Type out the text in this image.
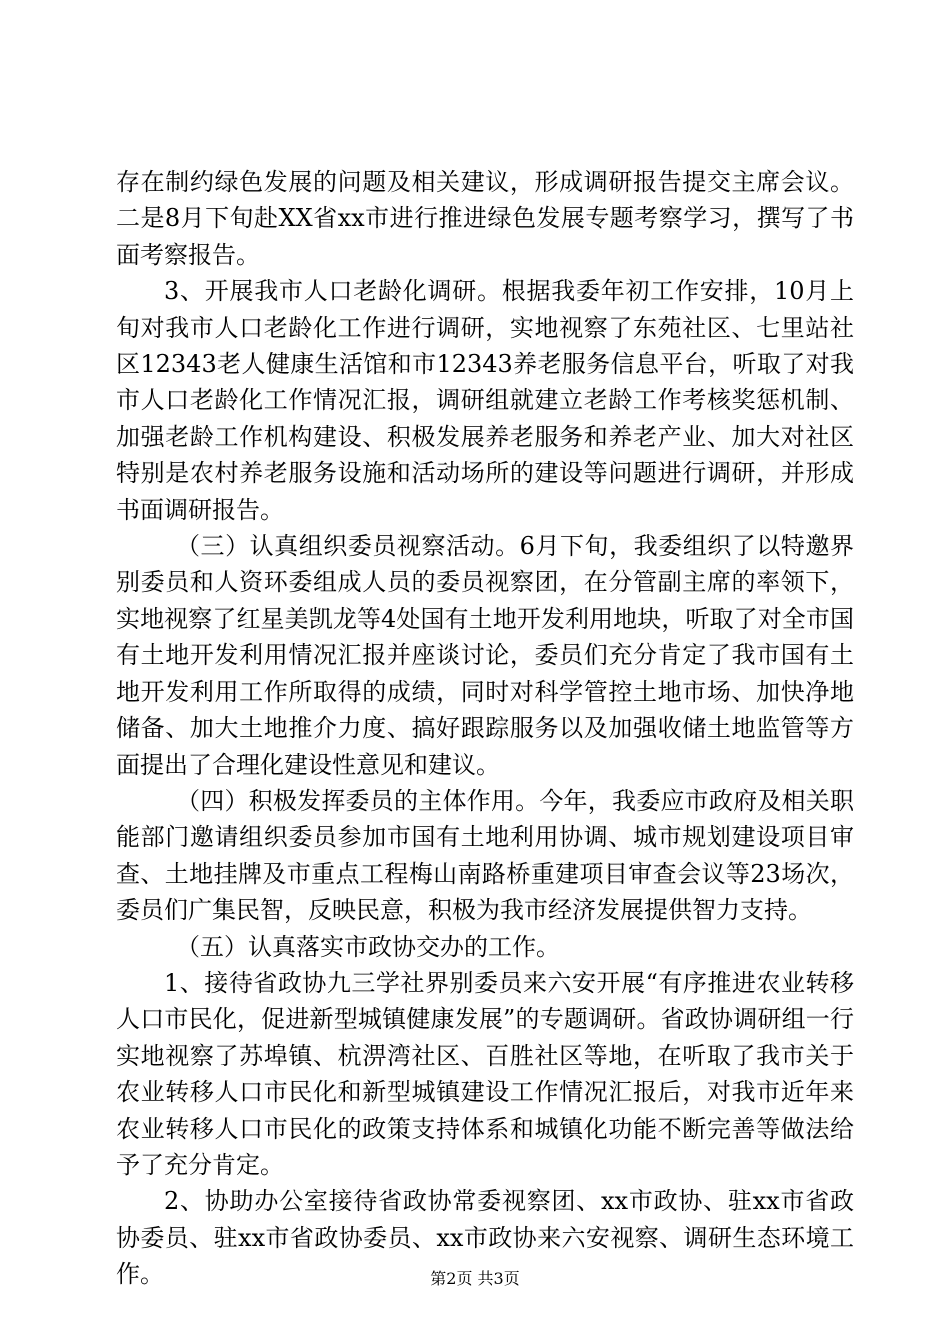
存在制约绿色发展的问题及相关建议，形成调研报告提交主席会议。二是8月下旬赴XX省xx市进行推进绿色发展专题考察学习，撰写了书面考察报告。

3、开展我市人口老龄化调研。根据我委年初工作安排，10月上旬对我市人口老龄化工作进行调研，实地视察了东苑社区、七里站社区12343老人健康生活馆和市12343养老服务信息平台，听取了对我市人口老龄化工作情况汇报，调研组就建立老龄工作考核奖惩机制、加强老龄工作机构建设、积极发展养老服务和养老产业、加大对社区特别是农村养老服务设施和活动场所的建设等问题进行调研，并形成书面调研报告。

（三）认真组织委员视察活动。6月下旬，我委组织了以特邀界别委员和人资环委组成人员的委员视察团，在分管副主席的率领下，实地视察了红星美凯龙等4处国有土地开发利用地块，听取了对全市国有土地开发利用情况汇报并座谈讨论，委员们充分肯定了我市国有土地开发利用工作所取得的成绩，同时对科学管控土地市场、加快净地储备、加大土地推介力度、搞好跟踪服务以及加强收储土地监管等方面提出了合理化建设性意见和建议。

（四）积极发挥委员的主体作用。今年，我委应市政府及相关职能部门邀请组织委员参加市国有土地利用协调、城市规划建设项目审查、土地挂牌及市重点工程梅山南路桥重建项目审查会议等23场次，委员们广集民智，反映民意，积极为我市经济发展提供智力支持。

（五）认真落实市政协交办的工作。

1、接待省政协九三学社界别委员来六安开展“有序推进农业转移人口市民化，促进新型城镇健康发展”的专题调研。省政协调研组一行实地视察了苏埠镇、杭淠湾社区、百胜社区等地，在听取了我市关于农业转移人口市民化和新型城镇建设工作情况汇报后，对我市近年来农业转移人口市民化的政策支持体系和城镇化功能不断完善等做法给予了充分肯定。

2、协助办公室接待省政协常委视察团、xx市政协、驻xx市省政协委员、驻xx市省政协委员、xx市政协来六安视察、调研生态环境工作。	第2页 共3页
